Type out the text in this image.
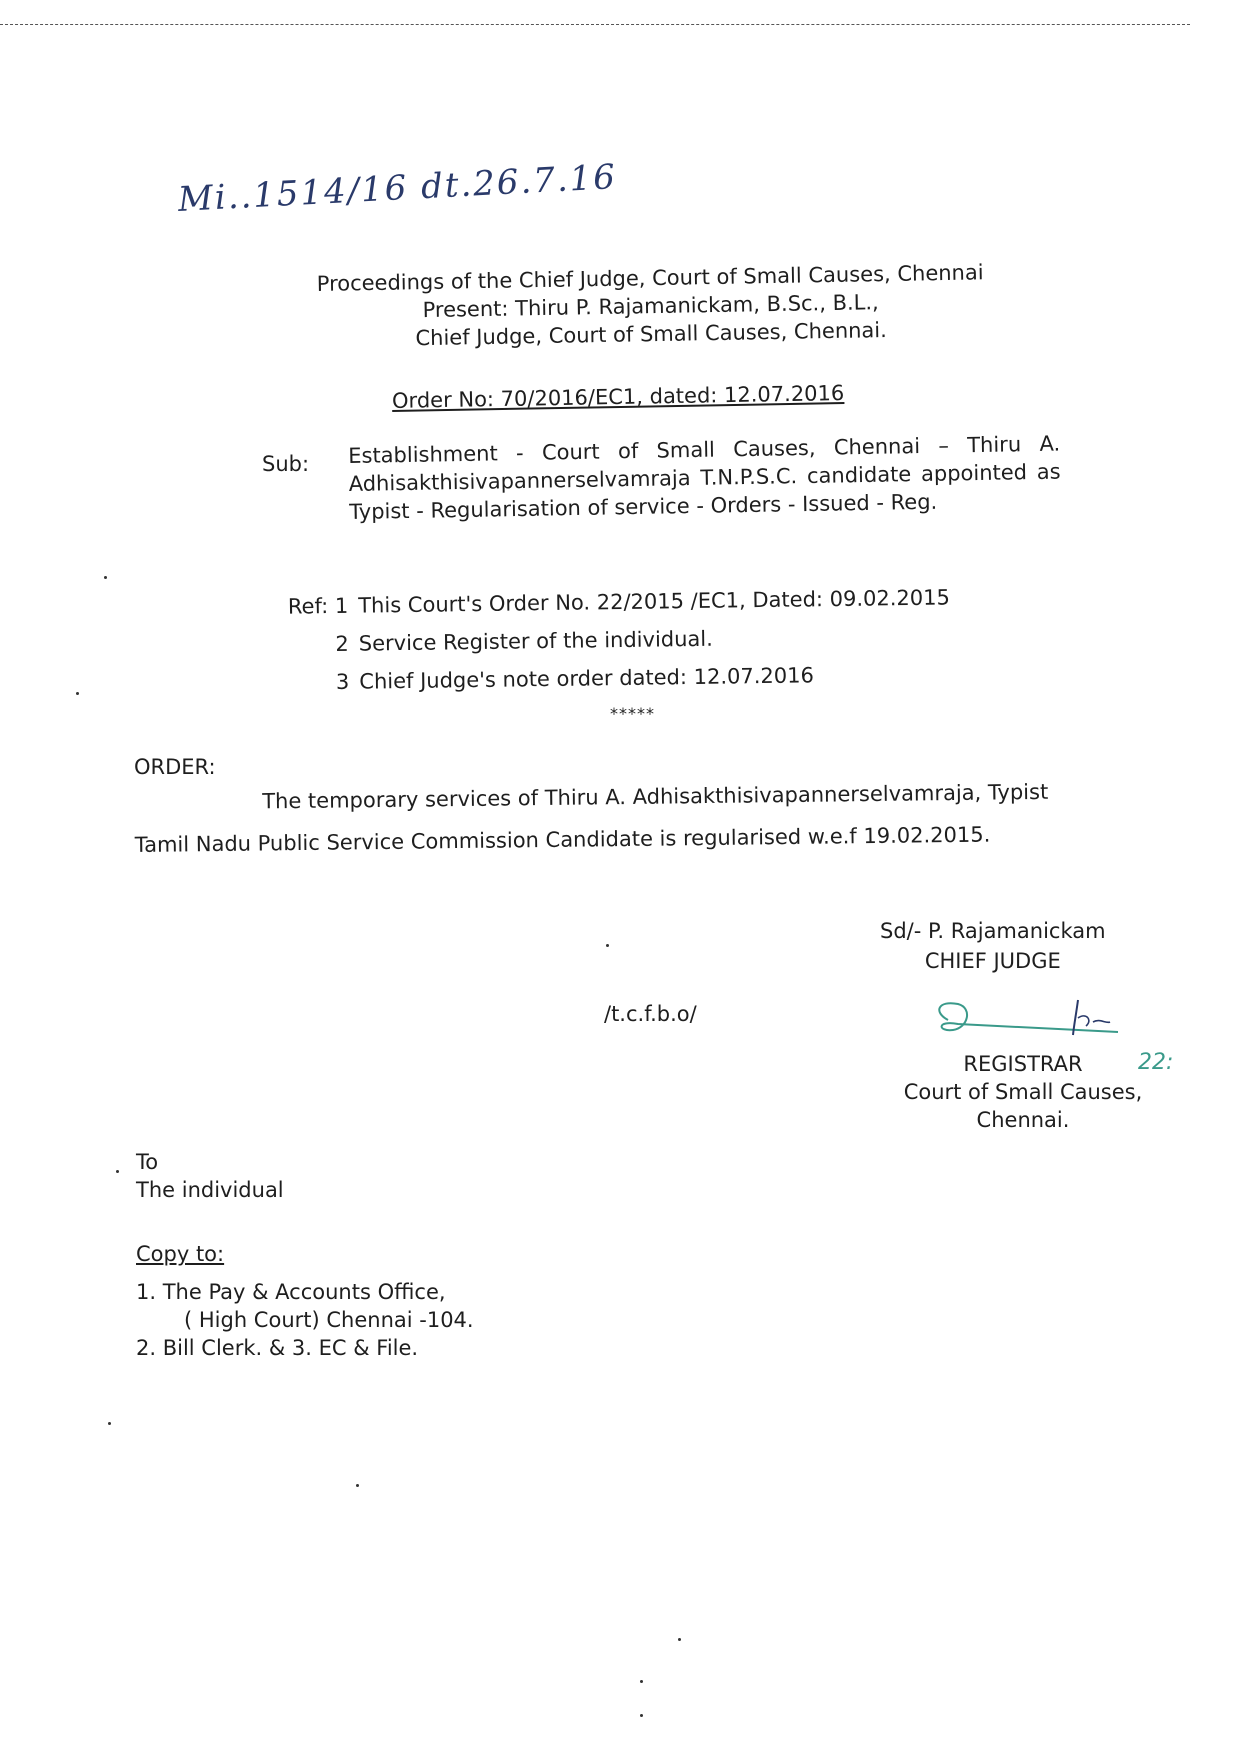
Mi..1514/16 dt.26.7.16
Proceedings of the Chief Judge, Court of Small Causes, Chennai
Present: Thiru P. Rajamanickam, B.Sc., B.L.,
Chief Judge, Court of Small Causes, Chennai.
Order No: 70/2016/EC1, dated: 12.07.2016
Sub: Establishment - Court of Small Causes, Chennai – Thiru A. Adhisakthisivapannerselvamraja T.N.P.S.C. candidate appointed as Typist - Regularisation of service - Orders - Issued - Reg.
Ref: 1 This Court's Order No. 22/2015 /EC1, Dated: 09.02.2015
2 Service Register of the individual.
3 Chief Judge's note order dated: 12.07.2016
*****
ORDER:
The temporary services of Thiru A. Adhisakthisivapannerselvamraja, Typist
Tamil Nadu Public Service Commission Candidate is regularised w.e.f 19.02.2015.
Sd/- P. Rajamanickam
CHIEF JUDGE
/t.c.f.b.o/
REGISTRAR
Court of Small Causes,
Chennai.
22:
To
The individual
Copy to:
1. The Pay & Accounts Office,
( High Court) Chennai -104.
2. Bill Clerk. & 3. EC & File.
